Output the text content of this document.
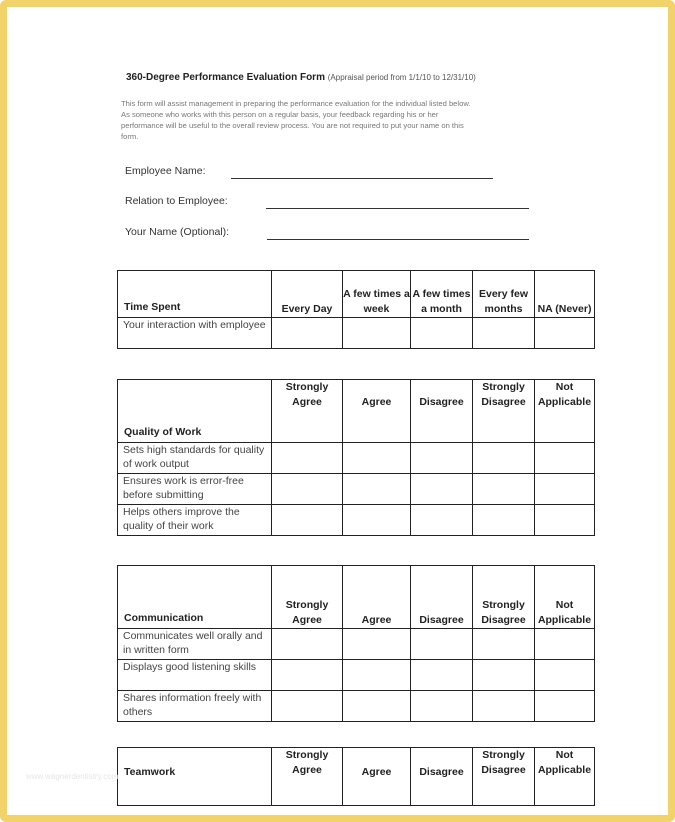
360-Degree Performance Evaluation Form (Appraisal period from 1/1/10 to 12/31/10)
This form will assist management in preparing the performance evaluation for the individual listed below.
As someone who works with this person on a regular basis, your feedback regarding his or her
performance will be useful to the overall review process. You are not required to put your name on this
form.
Employee Name:
Relation to Employee:
Your Name (Optional):
Time Spent	Every Day	A few times a week	A few times a month	Every few months	NA (Never)
Your interaction with employee					
Quality of Work	Strongly Agree	Agree	Disagree	Strongly Disagree	Not Applicable
Sets high standards for quality of work output					
Ensures work is error-free before submitting					
Helps others improve the quality of their work					
Communication	Strongly Agree	Agree	Disagree	Strongly Disagree	Not Applicable
Communicates well orally and in written form					
Displays good listening skills					
Shares information freely with others					
Teamwork	Strongly Agree	Agree	Disagree	Strongly Disagree	Not Applicable
www.wagnerdentistry.com
